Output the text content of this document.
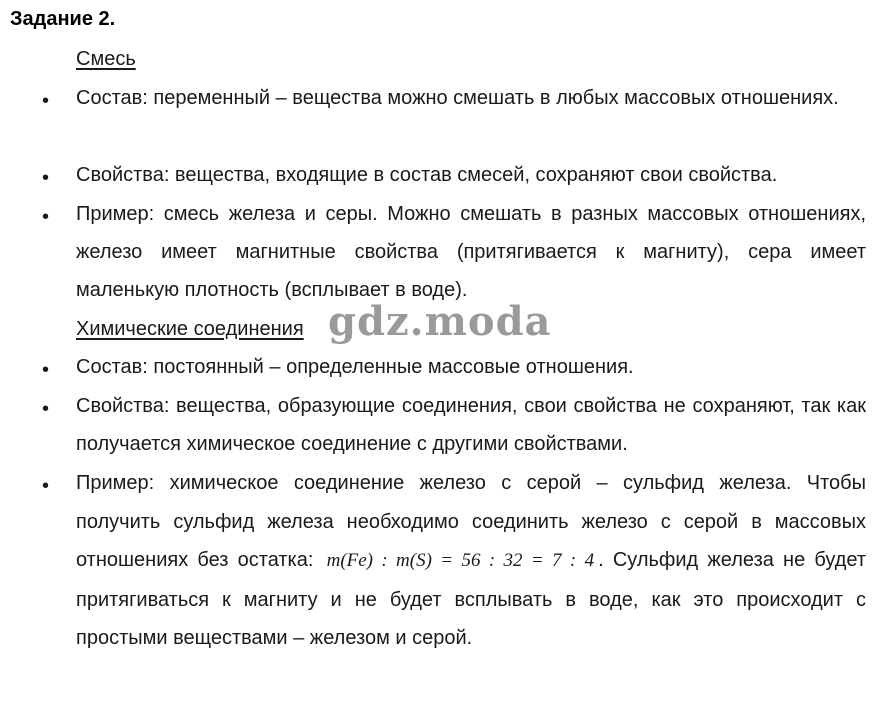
Задание 2.
Смесь
• Состав: переменный – вещества можно смешать в любых массовых отношениях.
• Свойства: вещества, входящие в состав смесей, сохраняют свои свойства.
• Пример: смесь железа и серы. Можно смешать в разных массовых отношениях, железо имеет магнитные свойства (притягивается к магниту), сера имеет маленькую плотность (всплывает в воде).
Химические соединения
• Состав: постоянный – определенные массовые отношения.
• Свойства: вещества, образующие соединения, свои свойства не сохраняют, так как получается химическое соединение с другими свойствами.
• Пример: химическое соединение железо с серой – сульфид железа. Чтобы получить сульфид железа необходимо соединить железо с серой в массовых отношениях без остатка: m(Fe) : m(S) = 56 : 32 = 7 : 4 . Сульфид железа не будет притягиваться к магниту и не будет всплывать в воде, как это происходит с простыми веществами – железом и серой.
gdz.moda
